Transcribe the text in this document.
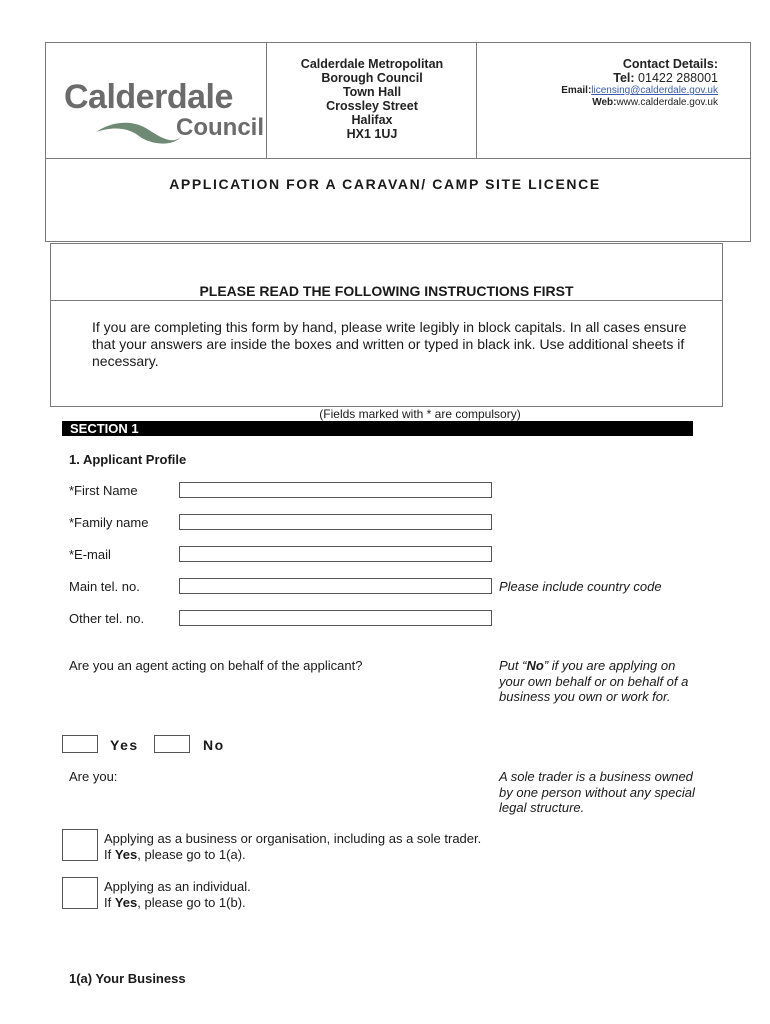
Calderdale
Council
Calderdale Metropolitan
Borough Council
Town Hall
Crossley Street
Halifax
HX1 1UJ
Contact Details:
Tel: 01422 288001
Email:licensing@calderdale.gov.uk
Web:www.calderdale.gov.uk
APPLICATION FOR A CARAVAN/ CAMP SITE LICENCE
PLEASE READ THE FOLLOWING INSTRUCTIONS FIRST
If you are completing this form by hand, please write legibly in block capitals. In all cases ensure that your answers are inside the boxes and written or typed in black ink. Use additional sheets if necessary.
(Fields marked with * are compulsory)
SECTION 1
1. Applicant Profile
*First Name
*Family name
*E-mail
Main tel. no.	Please include country code
Other tel. no.
Are you an agent acting on behalf of the applicant?	Put “No” if you are applying on your own behalf or on behalf of a business you own or work for.
Yes	No
Are you:	A sole trader is a business owned by one person without any special legal structure.
Applying as a business or organisation, including as a sole trader.
If Yes, please go to 1(a).
Applying as an individual.
If Yes, please go to 1(b).
1(a) Your Business
